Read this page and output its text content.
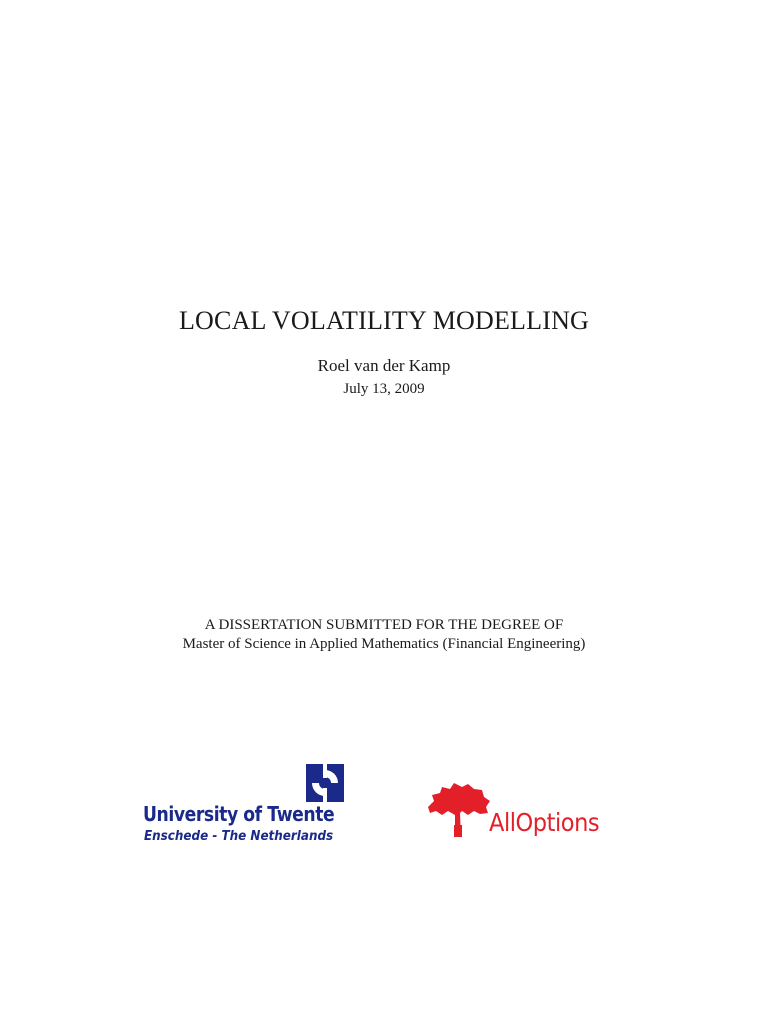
LOCAL VOLATILITY MODELLING
Roel van der Kamp
July 13, 2009
A DISSERTATION SUBMITTED FOR THE DEGREE OF
Master of Science in Applied Mathematics (Financial Engineering)
University of Twente
Enschede - The Netherlands	AllOptions
